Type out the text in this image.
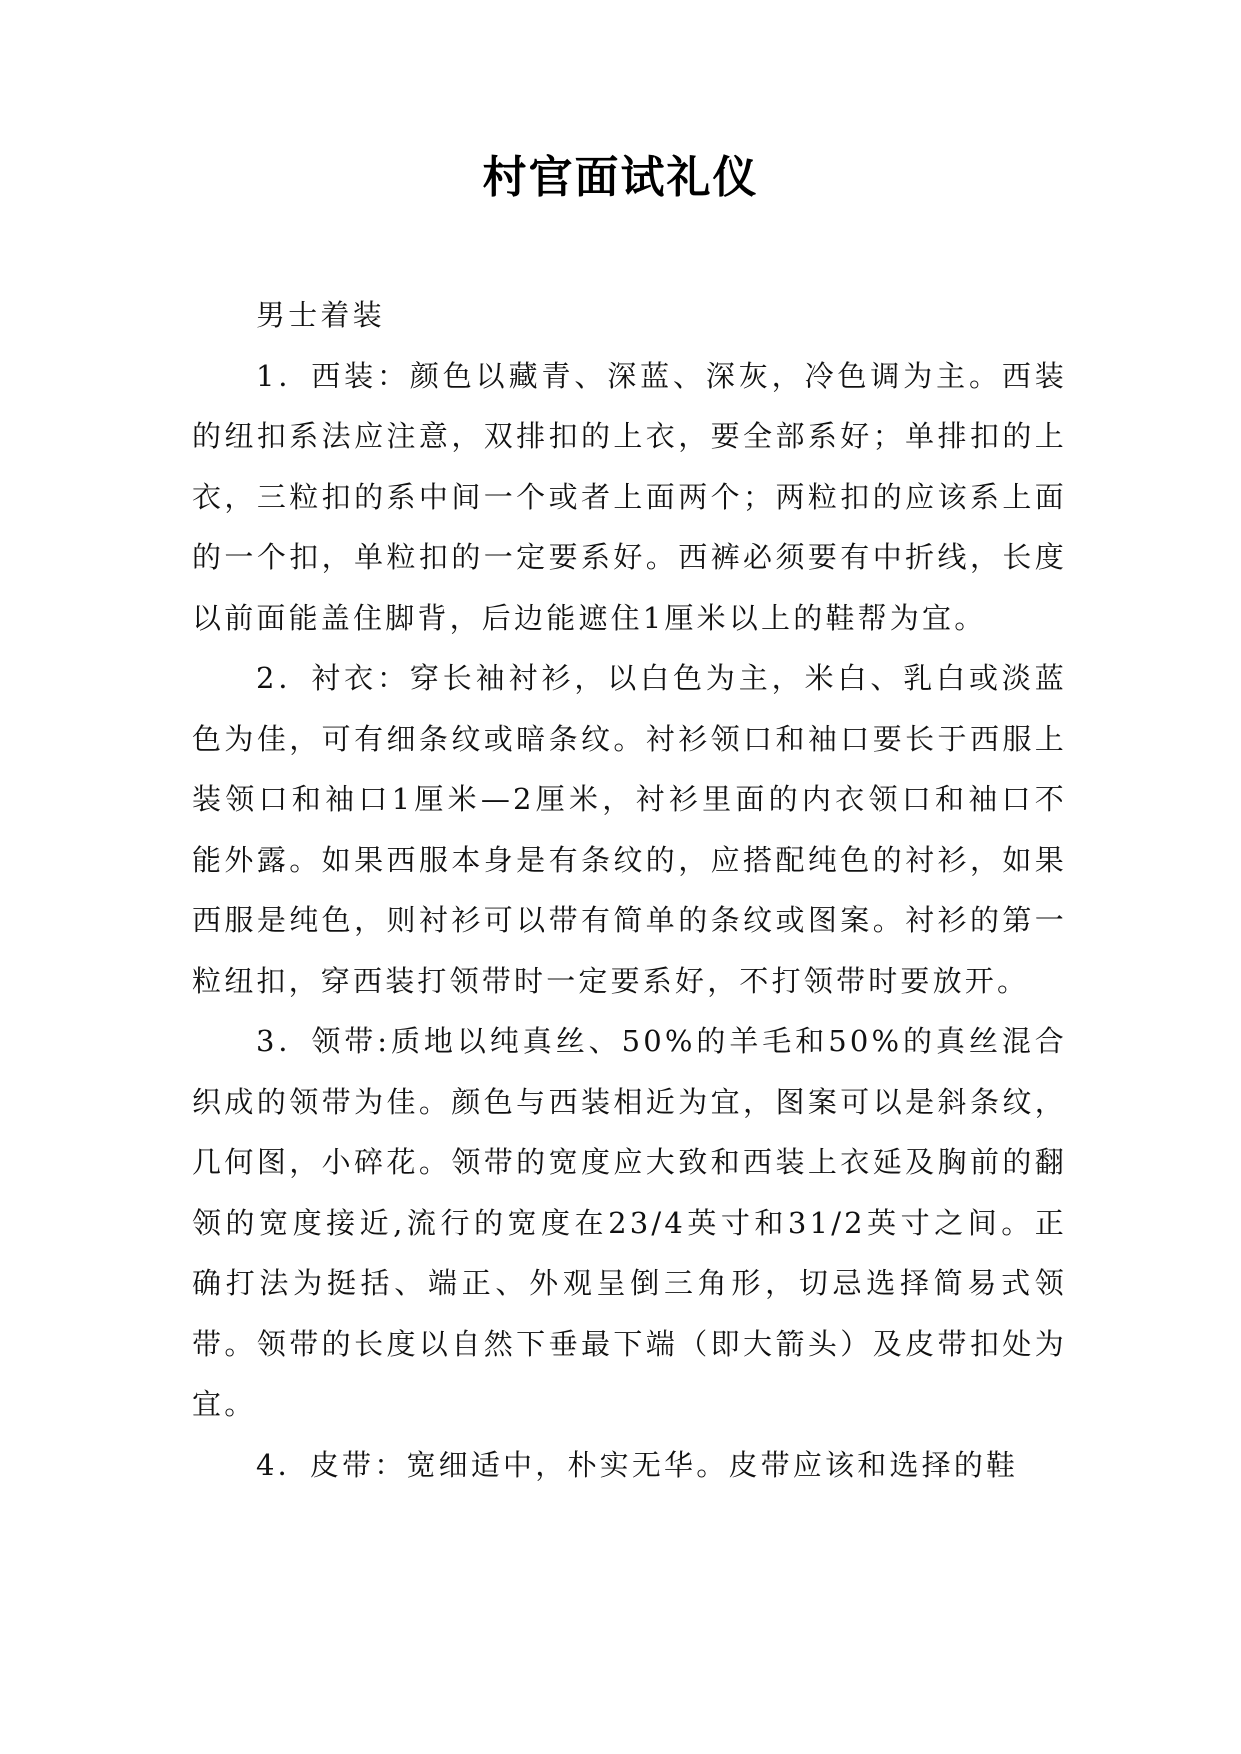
村官面试礼仪

男士着装

1．西装：颜色以藏青、深蓝、深灰，冷色调为主。西装的纽扣系法应注意，双排扣的上衣，要全部系好；单排扣的上衣，三粒扣的系中间一个或者上面两个；两粒扣的应该系上面的一个扣，单粒扣的一定要系好。西裤必须要有中折线，长度以前面能盖住脚背，后边能遮住1厘米以上的鞋帮为宜。

2．衬衣：穿长袖衬衫，以白色为主，米白、乳白或淡蓝色为佳，可有细条纹或暗条纹。衬衫领口和袖口要长于西服上装领口和袖口1厘米—2厘米，衬衫里面的内衣领口和袖口不能外露。如果西服本身是有条纹的，应搭配纯色的衬衫，如果西服是纯色，则衬衫可以带有简单的条纹或图案。衬衫的第一粒纽扣，穿西装打领带时一定要系好，不打领带时要放开。

3．领带:质地以纯真丝、50%的羊毛和50%的真丝混合织成的领带为佳。颜色与西装相近为宜，图案可以是斜条纹，几何图，小碎花。领带的宽度应大致和西装上衣延及胸前的翻领的宽度接近,流行的宽度在23/4英寸和31/2英寸之间。正确打法为挺括、端正、外观呈倒三角形，切忌选择简易式领带。领带的长度以自然下垂最下端（即大箭头）及皮带扣处为宜。

4．皮带：宽细适中，朴实无华。皮带应该和选择的鞋
